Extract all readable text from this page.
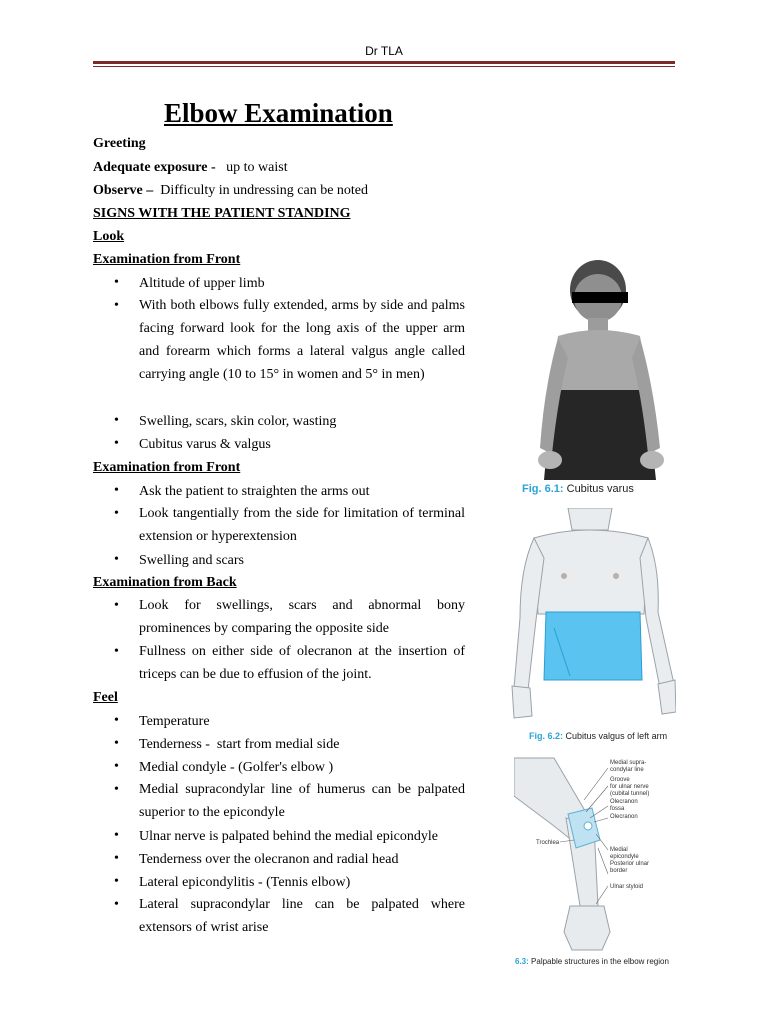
Dr TLA
Elbow Examination
Greeting
Adequate exposure - up to waist
Observe – Difficulty in undressing can be noted
SIGNS WITH THE PATIENT STANDING
Look
Examination from Front
• Altitude of upper limb
• With both elbows fully extended, arms by side and palms facing forward look for the long axis of the upper arm and forearm which forms a lateral valgus angle called carrying angle (10 to 15° in women and 5° in men)
• Swelling, scars, skin color, wasting
• Cubitus varus & valgus
Examination from Front
• Ask the patient to straighten the arms out
• Look tangentially from the side for limitation of terminal extension or hyperextension
• Swelling and scars
Examination from Back
• Look for swellings, scars and abnormal bony prominences by comparing the opposite side
• Fullness on either side of olecranon at the insertion of triceps can be due to effusion of the joint.
Feel
• Temperature
• Tenderness -  start from medial side
• Medial condyle - (Golfer's elbow )
• Medial supracondylar line of humerus can be palpated superior to the epicondyle
• Ulnar nerve is palpated behind the medial epicondyle
• Tenderness over the olecranon and radial head
• Lateral epicondylitis - (Tennis elbow)
• Lateral supracondylar line can be palpated where extensors of wrist arise
Fig. 6.1: Cubitus varus
Fig. 6.2: Cubitus valgus of left arm
Medial supra-
condylar line
Groove
for ulnar nerve
(cubital tunnel)
Olecranon
fossa
Olecranon
Medial
epicondyle
Posterior ulnar
border
Ulnar styloid
Trochlea
6.3: Palpable structures in the elbow region
